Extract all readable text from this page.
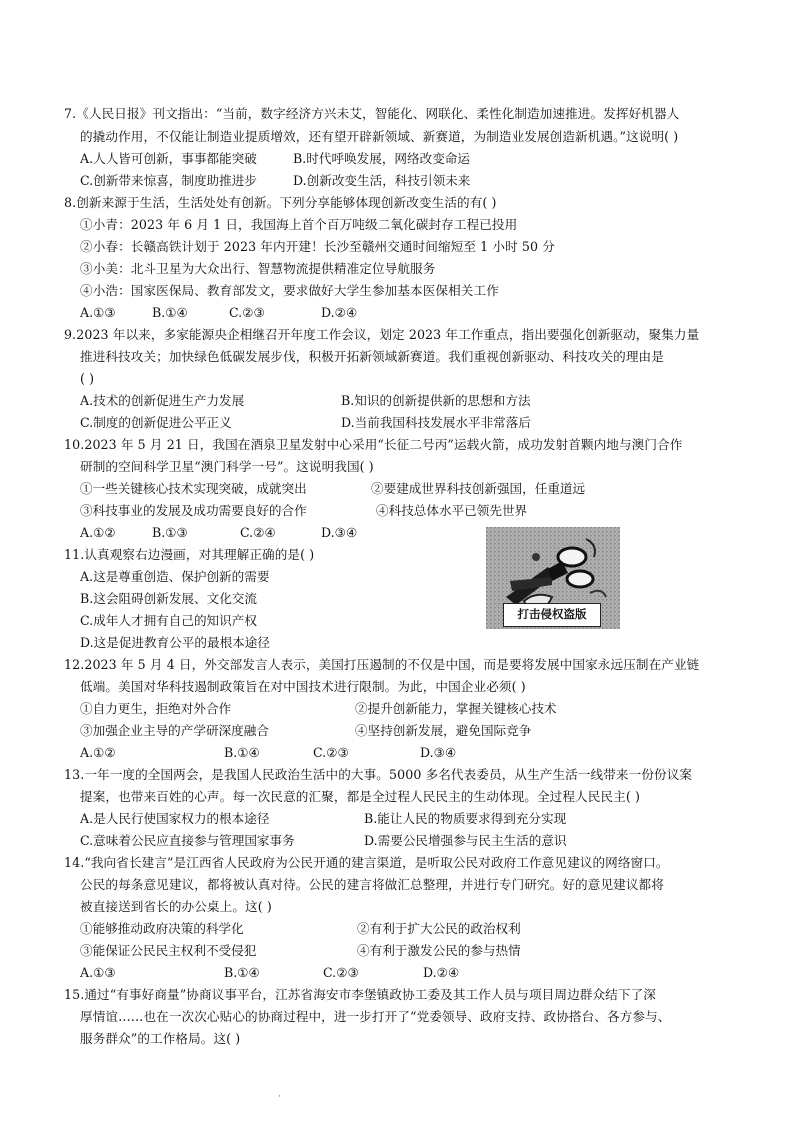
7.《人民日报》刊文指出：“当前，数字经济方兴未艾，智能化、网联化、柔性化制造加速推进。发挥好机器人
的撬动作用，不仅能让制造业提质增效，还有望开辟新领域、新赛道，为制造业发展创造新机遇。”这说明( )
A.人人皆可创新，事事都能突破	B.时代呼唤发展，网络改变命运
C.创新带来惊喜，制度助推进步	D.创新改变生活，科技引领未来
8.创新来源于生活，生活处处有创新。下列分享能够体现创新改变生活的有( )
①小青：2023 年 6 月 1 日，我国海上首个百万吨级二氧化碳封存工程已投用
②小春：长赣高铁计划于 2023 年内开建！长沙至赣州交通时间缩短至 1 小时 50 分
③小美：北斗卫星为大众出行、智慧物流提供精准定位导航服务
④小浩：国家医保局、教育部发文，要求做好大学生参加基本医保相关工作
A.①③	B.①④	C.②③	D.②④
9.2023 年以来，多家能源央企相继召开年度工作会议，划定 2023 年工作重点，指出要强化创新驱动，聚集力量
推进科技攻关；加快绿色低碳发展步伐，积极开拓新领域新赛道。我们重视创新驱动、科技攻关的理由是
( )
A.技术的创新促进生产力发展	B.知识的创新提供新的思想和方法
C.制度的创新促进公平正义	D.当前我国科技发展水平非常落后
10.2023 年 5 月 21 日，我国在酒泉卫星发射中心采用“长征二号丙”运载火箭，成功发射首颗内地与澳门合作
研制的空间科学卫星“澳门科学一号”。这说明我国( )
①一些关键核心技术实现突破，成就突出	②要建成世界科技创新强国，任重道远
③科技事业的发展及成功需要良好的合作	④科技总体水平已领先世界
A.①②	B.①③	C.②④	D.③④
11.认真观察右边漫画，对其理解正确的是( )
A.这是尊重创造、保护创新的需要
B.这会阻碍创新发展、文化交流
C.成年人才拥有自己的知识产权
D.这是促进教育公平的最根本途径
打击侵权盗版
12.2023 年 5 月 4 日，外交部发言人表示，美国打压遏制的不仅是中国，而是要将发展中国家永远压制在产业链
低端。美国对华科技遏制政策旨在对中国技术进行限制。为此，中国企业必须( )
①自力更生，拒绝对外合作	②提升创新能力，掌握关键核心技术
③加强企业主导的产学研深度融合	④坚持创新发展，避免国际竞争
A.①②	B.①④	C.②③	D.③④
13.一年一度的全国两会，是我国人民政治生活中的大事。5000 多名代表委员，从生产生活一线带来一份份议案
提案，也带来百姓的心声。每一次民意的汇聚，都是全过程人民民主的生动体现。全过程人民民主( )
A.是人民行使国家权力的根本途径	B.能让人民的物质要求得到充分实现
C.意味着公民应直接参与管理国家事务	D.需要公民增强参与民主生活的意识
14.“我向省长建言”是江西省人民政府为公民开通的建言渠道，是听取公民对政府工作意见建议的网络窗口。
公民的每条意见建议，都将被认真对待。公民的建言将做汇总整理，并进行专门研究。好的意见建议都将
被直接送到省长的办公桌上。这( )
①能够推动政府决策的科学化	②有利于扩大公民的政治权利
③能保证公民民主权利不受侵犯	④有利于激发公民的参与热情
A.①③	B.①④	C.②③	D.②④
15.通过“有事好商量”协商议事平台，江苏省海安市李堡镇政协工委及其工作人员与项目周边群众结下了深
厚情谊……也在一次次心贴心的协商过程中，进一步打开了“党委领导、政府支持、政协搭台、各方参与、
服务群众”的工作格局。这( )
·
